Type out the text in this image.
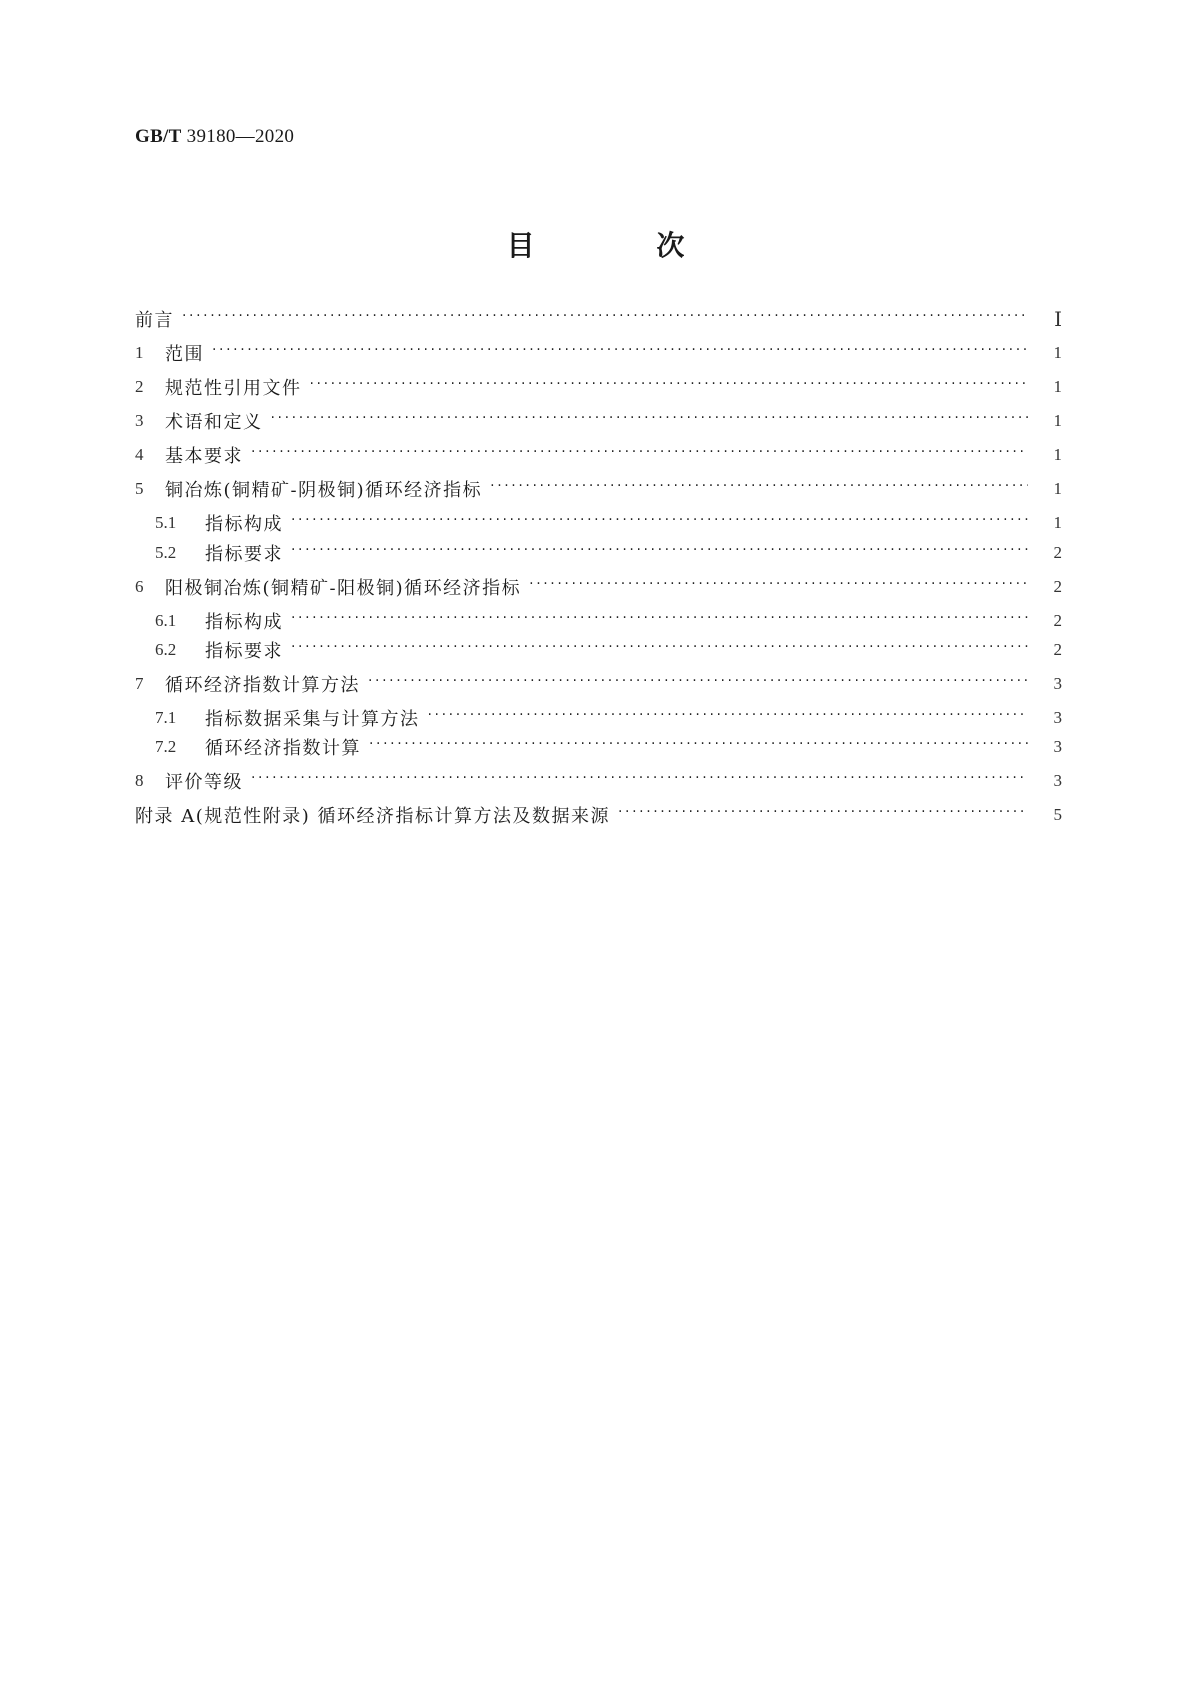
GB/T 39180—2020
目 次
前言 ·····	Ⅰ
1	范围 ·····	1
2	规范性引用文件 ·····	1
3	术语和定义 ·····	1
4	基本要求 ·····	1
5	铜冶炼(铜精矿-阴极铜)循环经济指标 ·····	1
5.1	指标构成 ·····	1
5.2	指标要求 ·····	2
6	阳极铜冶炼(铜精矿-阳极铜)循环经济指标 ·····	2
6.1	指标构成 ·····	2
6.2	指标要求 ·····	2
7	循环经济指数计算方法 ·····	3
7.1	指标数据采集与计算方法 ·····	3
7.2	循环经济指数计算 ·····	3
8	评价等级 ·····	3
附录 A(规范性附录) 循环经济指标计算方法及数据来源 ·····	5
